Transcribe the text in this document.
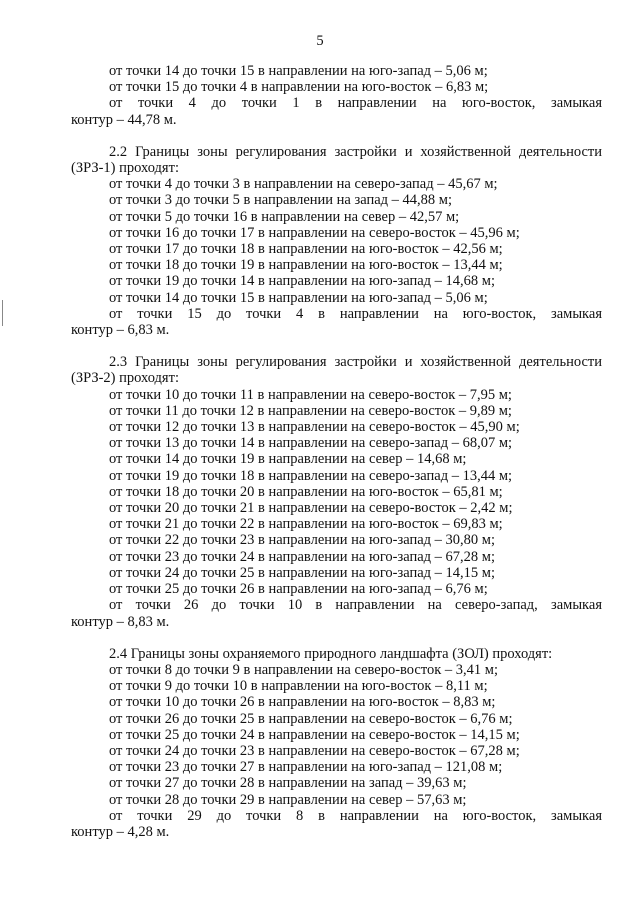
5
от точки 14 до точки 15 в направлении на юго-запад – 5,06 м;
от точки 15 до точки 4 в направлении на юго-восток – 6,83 м;
от точки 4 до точки 1 в направлении на юго-восток, замыкая
контур – 44,78 м.
2.2 Границы зоны регулирования застройки и хозяйственной деятельности
(ЗРЗ-1) проходят:
от точки 4 до точки 3 в направлении на северо-запад – 45,67 м;
от точки 3 до точки 5 в направлении на запад – 44,88 м;
от точки 5 до точки 16 в направлении на север – 42,57 м;
от точки 16 до точки 17 в направлении на северо-восток – 45,96 м;
от точки 17 до точки 18 в направлении на юго-восток – 42,56 м;
от точки 18 до точки 19 в направлении на юго-восток – 13,44 м;
от точки 19 до точки 14 в направлении на юго-запад – 14,68 м;
от точки 14 до точки 15 в направлении на юго-запад – 5,06 м;
от точки 15 до точки 4 в направлении на юго-восток, замыкая
контур – 6,83 м.
2.3 Границы зоны регулирования застройки и хозяйственной деятельности
(ЗРЗ-2) проходят:
от точки 10 до точки 11 в направлении на северо-восток – 7,95 м;
от точки 11 до точки 12 в направлении на северо-восток – 9,89 м;
от точки 12 до точки 13 в направлении на северо-восток – 45,90 м;
от точки 13 до точки 14 в направлении на северо-запад – 68,07 м;
от точки 14 до точки 19 в направлении на север – 14,68 м;
от точки 19 до точки 18 в направлении на северо-запад – 13,44 м;
от точки 18 до точки 20 в направлении на юго-восток – 65,81 м;
от точки 20 до точки 21 в направлении на северо-восток – 2,42 м;
от точки 21 до точки 22 в направлении на юго-восток – 69,83 м;
от точки 22 до точки 23 в направлении на юго-запад – 30,80 м;
от точки 23 до точки 24 в направлении на юго-запад – 67,28 м;
от точки 24 до точки 25 в направлении на юго-запад – 14,15 м;
от точки 25 до точки 26 в направлении на юго-запад – 6,76 м;
от точки 26 до точки 10 в направлении на северо-запад, замыкая
контур – 8,83 м.
2.4 Границы зоны охраняемого природного ландшафта (ЗОЛ) проходят:
от точки 8 до точки 9 в направлении на северо-восток – 3,41 м;
от точки 9 до точки 10 в направлении на юго-восток – 8,11 м;
от точки 10 до точки 26 в направлении на юго-восток – 8,83 м;
от точки 26 до точки 25 в направлении на северо-восток – 6,76 м;
от точки 25 до точки 24 в направлении на северо-восток – 14,15 м;
от точки 24 до точки 23 в направлении на северо-восток – 67,28 м;
от точки 23 до точки 27 в направлении на юго-запад – 121,08 м;
от точки 27 до точки 28 в направлении на запад – 39,63 м;
от точки 28 до точки 29 в направлении на север – 57,63 м;
от точки 29 до точки 8 в направлении на юго-восток, замыкая
контур – 4,28 м.
